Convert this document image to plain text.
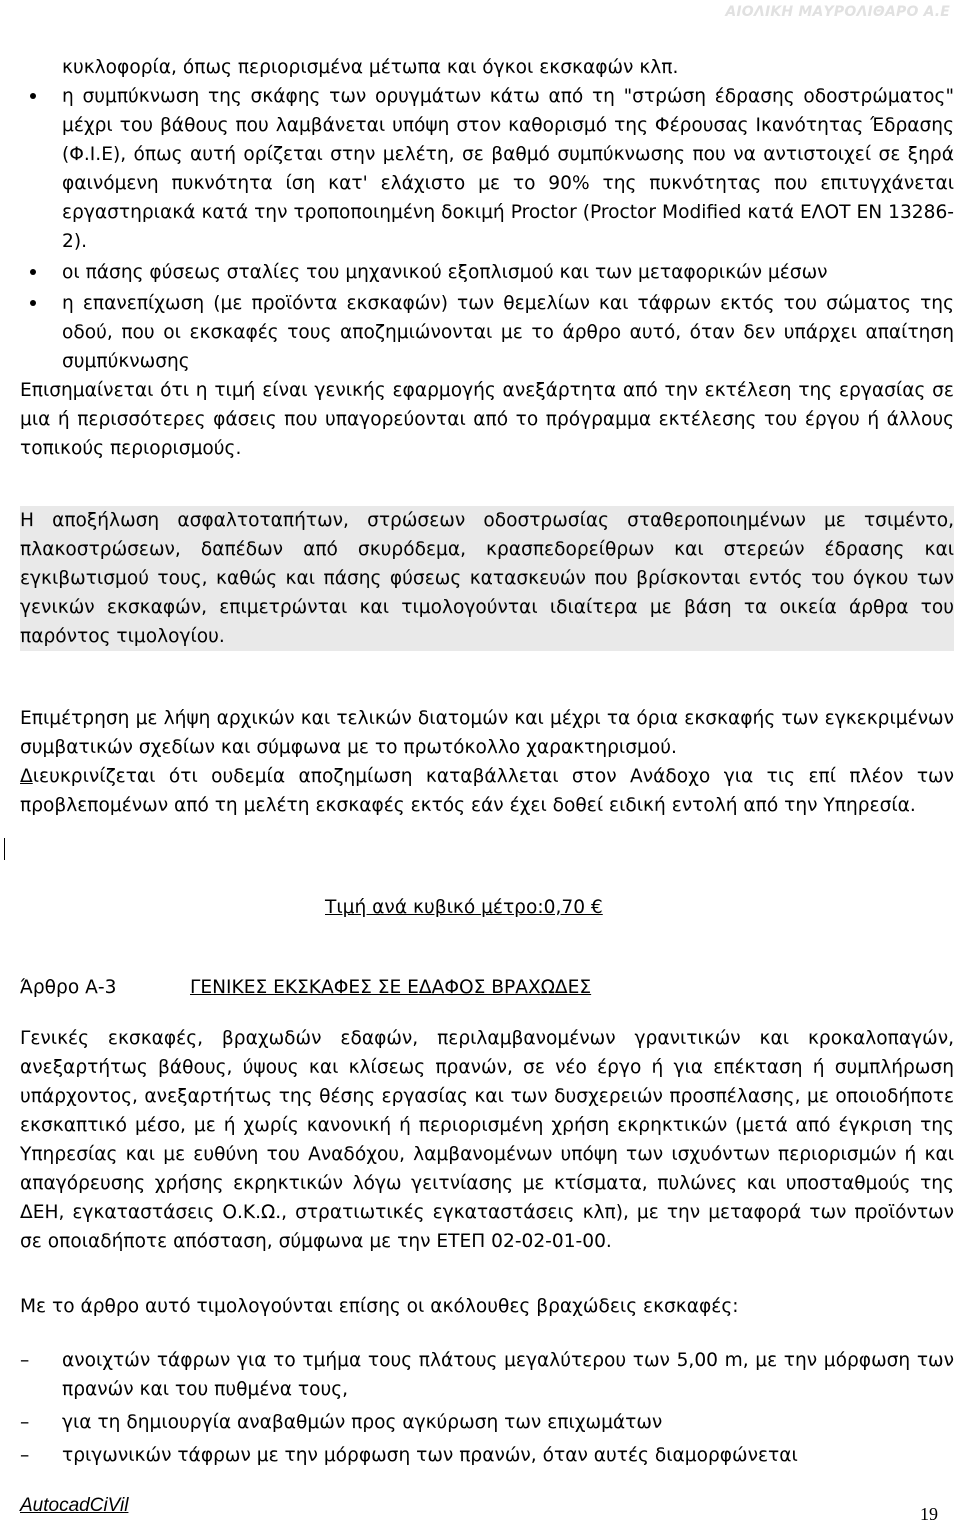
ΑΙΟΛΙΚΗ ΜΑΥΡΟΛΙΘΑΡΟ Α.Ε

κυκλοφορία, όπως περιορισμένα μέτωπα και όγκοι εκσκαφών κλπ.

η συμπύκνωση της σκάφης των ορυγμάτων κάτω από τη "στρώση έδρασης οδοστρώματος" μέχρι του βάθους που λαμβάνεται υπόψη στον καθορισμό της Φέρουσας Ικανότητας Έδρασης (Φ.Ι.Ε), όπως αυτή ορίζεται στην μελέτη, σε βαθμό συμπύκνωσης που να αντιστοιχεί σε ξηρά φαινόμενη πυκνότητα ίση κατ' ελάχιστο με το 90% της πυκνότητας που επιτυγχάνεται εργαστηριακά κατά την τροποποιημένη δοκιμή Proctor (Proctor Modified κατά ΕΛΟΤ ΕΝ 13286-2).

οι πάσης φύσεως σταλίες του μηχανικού εξοπλισμού και των μεταφορικών μέσων

η επανεπίχωση (με προϊόντα εκσκαφών) των θεμελίων και τάφρων εκτός του σώματος της οδού, που οι εκσκαφές τους αποζημιώνονται με το άρθρο αυτό, όταν δεν υπάρχει απαίτηση συμπύκνωσης

Επισημαίνεται ότι η τιμή είναι γενικής εφαρμογής ανεξάρτητα από την εκτέλεση της εργασίας σε μια ή περισσότερες φάσεις που υπαγορεύονται από το πρόγραμμα εκτέλεσης του έργου ή άλλους τοπικούς περιορισμούς.

Η αποξήλωση ασφαλτοταπήτων, στρώσεων οδοστρωσίας σταθεροποιημένων με τσιμέντο, πλακοστρώσεων, δαπέδων από σκυρόδεμα, κρασπεδορείθρων και στερεών έδρασης και εγκιβωτισμού τους, καθώς και πάσης φύσεως κατασκευών που βρίσκονται εντός του όγκου των γενικών εκσκαφών, επιμετρώνται και τιμολογούνται ιδιαίτερα με βάση τα οικεία άρθρα του παρόντος τιμολογίου.

Επιμέτρηση με λήψη αρχικών και τελικών διατομών και μέχρι τα όρια εκσκαφής των εγκεκριμένων συμβατικών σχεδίων και σύμφωνα με το πρωτόκολλο χαρακτηρισμού.

Διευκρινίζεται ότι ουδεμία αποζημίωση καταβάλλεται στον Ανάδοχο για τις επί πλέον των προβλεπομένων από τη μελέτη εκσκαφές εκτός εάν έχει δοθεί ειδική εντολή από την Υπηρεσία.

Τιμή ανά κυβικό μέτρο:0,70 €
Άρθρο Α-3	ΓΕΝΙΚΕΣ ΕΚΣΚΑΦΕΣ ΣΕ ΕΔΑΦΟΣ ΒΡΑΧΩΔΕΣ

Γενικές εκσκαφές, βραχωδών εδαφών, περιλαμβανομένων γρανιτικών και κροκαλοπαγών, ανεξαρτήτως βάθους, ύψους και κλίσεως πρανών, σε νέο έργο ή για επέκταση ή συμπλήρωση υπάρχοντος, ανεξαρτήτως της θέσης εργασίας και των δυσχερειών προσπέλασης, με οποιοδήποτε εκσκαπτικό μέσο, με ή χωρίς κανονική ή περιορισμένη χρήση εκρηκτικών (μετά από έγκριση της Υπηρεσίας και με ευθύνη του Αναδόχου, λαμβανομένων υπόψη των ισχυόντων περιορισμών ή και απαγόρευσης χρήσης εκρηκτικών λόγω γειτνίασης με κτίσματα, πυλώνες και υποσταθμούς της ΔΕΗ, εγκαταστάσεις Ο.Κ.Ω., στρατιωτικές εγκαταστάσεις κλπ), με την μεταφορά των προϊόντων σε οποιαδήποτε απόσταση, σύμφωνα με την ΕΤΕΠ 02-02-01-00.

Με το άρθρο αυτό τιμολογούνται επίσης οι ακόλουθες βραχώδεις εκσκαφές:

–	ανοιχτών τάφρων για το τμήμα τους πλάτους μεγαλύτερου των 5,00 m, με την μόρφωση των πρανών και του πυθμένα τους,

–	για τη δημιουργία αναβαθμών προς αγκύρωση των επιχωμάτων

–	τριγωνικών τάφρων με την μόρφωση των πρανών, όταν αυτές διαμορφώνεται

AutocadCiVil	19
